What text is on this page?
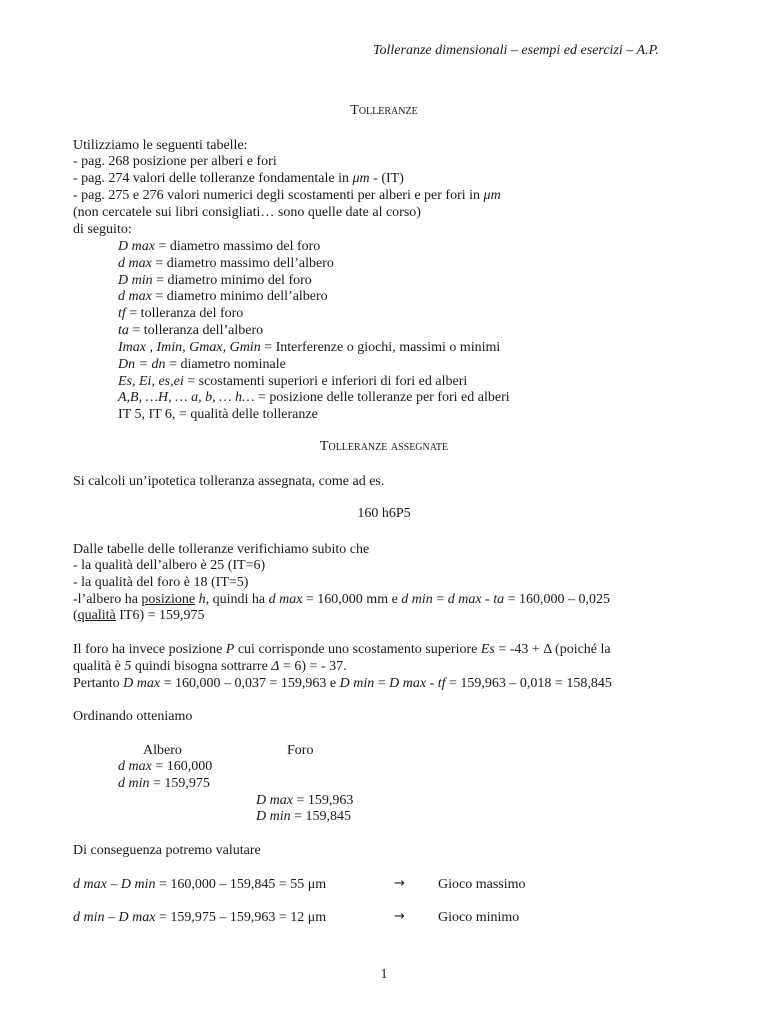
Tolleranze dimensionali – esempi ed esercizi – A.P.
Tolleranze
Utilizziamo le seguenti tabelle:
- pag. 268 posizione per alberi e fori
- pag. 274 valori delle tolleranze fondamentale in μm - (IT)
- pag. 275 e 276 valori numerici degli scostamenti per alberi e per fori in μm
(non cercatele sui libri consigliati… sono quelle date al corso)
di seguito:
D max = diametro massimo del foro
d max = diametro massimo dell’albero
D min = diametro minimo del foro
d max = diametro minimo dell’albero
tf = tolleranza del foro
ta = tolleranza dell’albero
Imax , Imin, Gmax, Gmin = Interferenze o giochi, massimi o minimi
Dn = dn = diametro nominale
Es, Ei, es,ei = scostamenti superiori e inferiori di fori ed alberi
A,B, …H, … a, b, … h… = posizione delle tolleranze per fori ed alberi
IT 5, IT 6, = qualità delle tolleranze
Tolleranze assegnate
Si calcoli un’ipotetica tolleranza assegnata, come ad es.
160 h6P5
Dalle tabelle delle tolleranze verifichiamo subito che
- la qualità dell’albero è 25 (IT=6)
- la qualità del foro è 18 (IT=5)
-l’albero ha posizione h, quindi ha d max = 160,000 mm e d min = d max - ta = 160,000 – 0,025
(qualità IT6) = 159,975
Il foro ha invece posizione P cui corrisponde uno scostamento superiore Es = -43 + Δ (poiché la
qualità è 5 quindi bisogna sottrarre Δ = 6) = - 37.
Pertanto D max = 160,000 – 0,037 = 159,963 e D min = D max - tf = 159,963 – 0,018 = 158,845
Ordinando otteniamo
Albero	Foro
d max = 160,000
d min = 159,975
D max = 159,963
D min = 159,845
Di conseguenza potremo valutare
d max – D min = 160,000 – 159,845 = 55 μm	→ Gioco massimo
d min – D max = 159,975 – 159,963 = 12 μm	→ Gioco minimo
1
